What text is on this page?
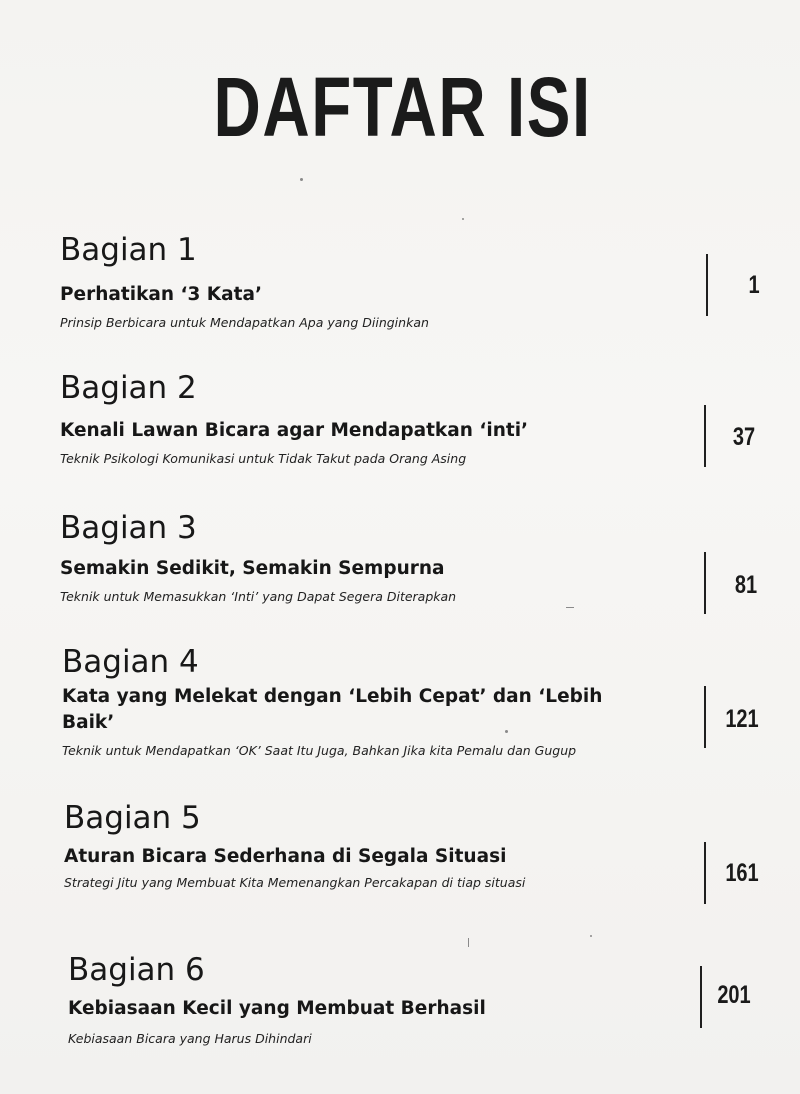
DAFTAR ISI
Bagian 1
Perhatikan ‘3 Kata’
Prinsip Berbicara untuk Mendapatkan Apa yang Diinginkan
1
Bagian 2
Kenali Lawan Bicara agar Mendapatkan ‘inti’
Teknik Psikologi Komunikasi untuk Tidak Takut pada Orang Asing
37
Bagian 3
Semakin Sedikit, Semakin Sempurna
Teknik untuk Memasukkan ‘Inti’ yang Dapat Segera Diterapkan	81
Bagian 4
Kata yang Melekat dengan ‘Lebih Cepat’ dan ‘Lebih Baik’
Teknik untuk Mendapatkan ‘OK’ Saat Itu Juga, Bahkan Jika kita Pemalu dan Gugup
121
Bagian 5
Aturan Bicara Sederhana di Segala Situasi
Strategi Jitu yang Membuat Kita Memenangkan Percakapan di tiap situasi	161
Bagian 6
Kebiasaan Kecil yang Membuat Berhasil
Kebiasaan Bicara yang Harus Dihindari
201
